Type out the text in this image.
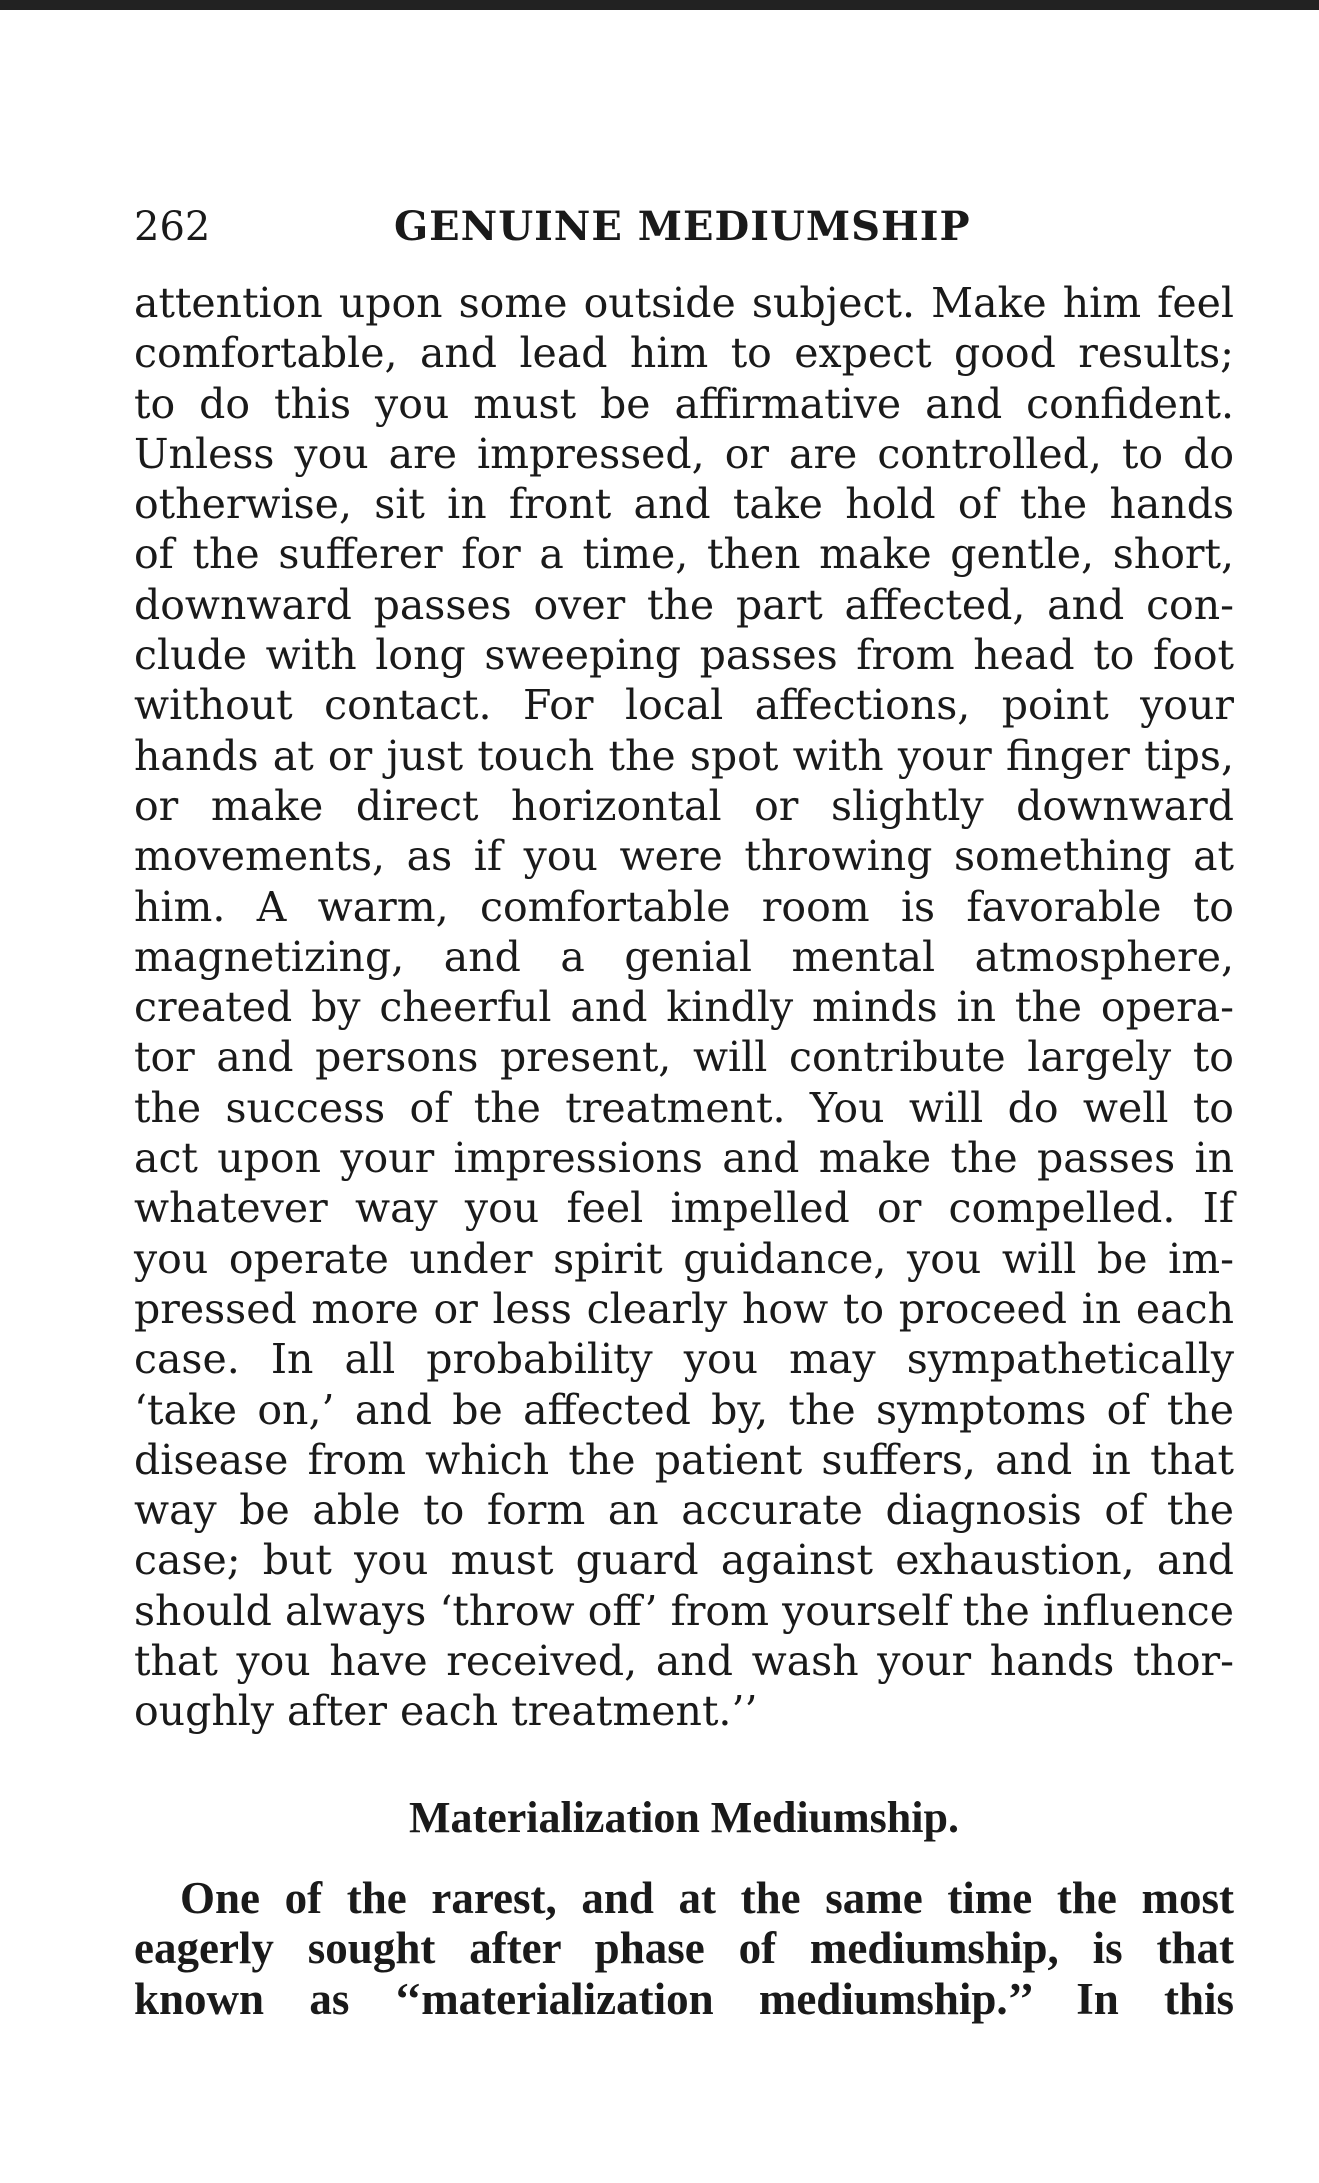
262	GENUINE MEDIUMSHIP
attention upon some outside subject. Make him feel
comfortable, and lead him to expect good results;
to do this you must be affirmative and confident.
Unless you are impressed, or are controlled, to do
otherwise, sit in front and take hold of the hands
of the sufferer for a time, then make gentle, short,
downward passes over the part affected, and con-
clude with long sweeping passes from head to foot
without contact. For local affections, point your
hands at or just touch the spot with your finger tips,
or make direct horizontal or slightly downward
movements, as if you were throwing something at
him. A warm, comfortable room is favorable to
magnetizing, and a genial mental atmosphere,
created by cheerful and kindly minds in the opera-
tor and persons present, will contribute largely to
the success of the treatment. You will do well to
act upon your impressions and make the passes in
whatever way you feel impelled or compelled. If
you operate under spirit guidance, you will be im-
pressed more or less clearly how to proceed in each
case. In all probability you may sympathetically
‘take on,’ and be affected by, the symptoms of the
disease from which the patient suffers, and in that
way be able to form an accurate diagnosis of the
case; but you must guard against exhaustion, and
should always ‘throw off’ from yourself the influence
that you have received, and wash your hands thor-
oughly after each treatment.’’
Materialization Mediumship.
One of the rarest, and at the same time the most
eagerly sought after phase of mediumship, is that
known as ‘‘materialization mediumship.’’ In this
